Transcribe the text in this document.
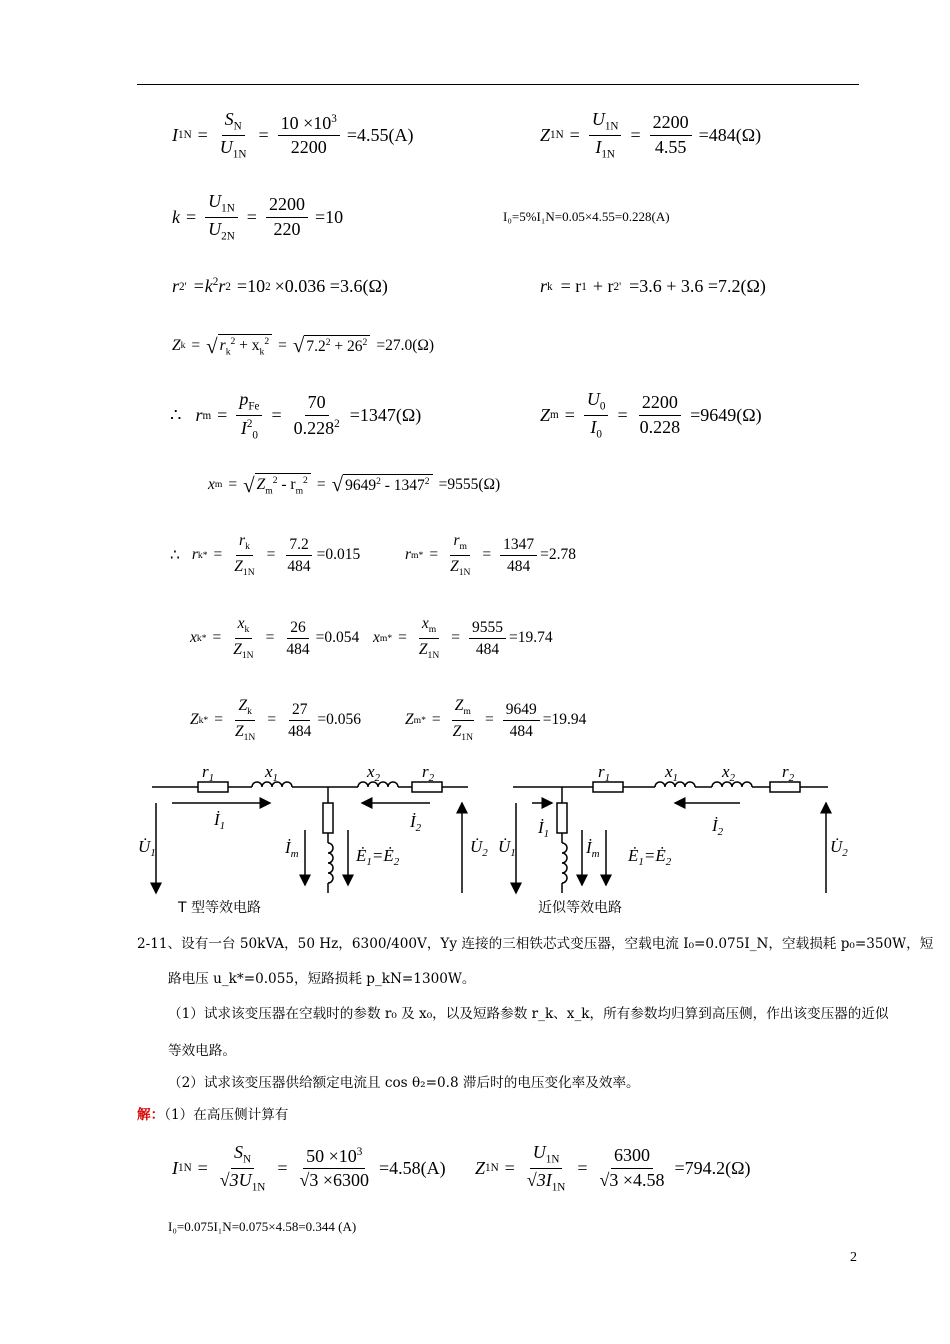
I $1N = \frac{S_N}{U_{1N}} = \frac{10 \times 10^3}{2200} =4.55(A)$	Z $1N = \frac{U_{1N}}{I_{1N}} = \frac{2200}{4.55} =484(\Omega)$
$k = \frac{U_{1N}}{U_{2N}} = \frac{2200}{220} =10$	I₀=5%I₁N=0.05×4.55=0.228(A)
r 2 ' $=k^2$ r 2 =10 2 ×0.036 =3.6(Ω)	r k = r 1 + r 2 ' =3.6 + 3.6 =7.2(Ω)
Z k = √ $r_k^2 + x_k^2$ = √ $7.2^2 + 26^2 =27.0(\Omega)$
∴ r $m = \frac{p_{Fe}}{I^2_0} = \frac{70}{0.228^2} =1347(\Omega)$	Z $m = \frac{U_0}{I_0} = \frac{2200}{0.228} =9649(\Omega)$
x m = √ $Z_m^2 - r_m^2$ = √ $9649^2 - 1347^2 =9555(\Omega)$
∴ r $k* = \frac{r_k}{Z_{1N}} = \frac{7.2}{484} =0.015$	r $m* = \frac{r_m}{Z_{1N}} = \frac{1347}{484} =2.78$
x $k* = \frac{x_k}{Z_{1N}} = \frac{26}{484} =0.054$ x $m* = \frac{x_m}{Z_{1N}} = \frac{9555}{484} =19.74$
Z $k* = \frac{Z_k}{Z_{1N}} = \frac{27}{484} =0.056$	Z $m* = \frac{Z_m}{Z_{1N}} = \frac{9649}{484} =19.94$
$r_1$	$x_1$	$x_2$ $r_2$
$İ_1$	$İ_2$
$U̇_1$	$İ_m$	$Ė_1=Ė_2$
$U̇_2$
$r_1$	$x_1$	$x_2$	$r_2$
$İ_1$	$İ_2$
$U̇_1$	$İ_m$ $Ė_1=Ė_2$
$U̇_2$
T 型等效电路	近似等效电路
2-11、设有一台 50kVA，50 Hz，6300/400V，Yy 连接的三相铁芯式变压器，空载电流 I₀=0.075I_N，空载损耗 p₀=350W，短
路电压 u_k*=0.055，短路损耗 p_kN=1300W。
（1）试求该变压器在空载时的参数 r₀ 及 x₀，以及短路参数 r_k、x_k，所有参数均归算到高压侧，作出该变压器的近似
等效电路。
（2）试求该变压器供给额定电流且 cos θ₂=0.8 滞后时的电压变化率及效率。
解：（1）在高压侧计算有
I $1N = \frac{S_N}{√3U_{1N}} = \frac{50 \times 10^3}{√3 \times 6300} =4.58(A)$ Z $1N = \frac{U_{1N}}{√3I_{1N}} = \frac{6300}{√3 \times 4.58} =794.2(\Omega)$
I₀=0.075I₁N=0.075×4.58=0.344 (A)
2
